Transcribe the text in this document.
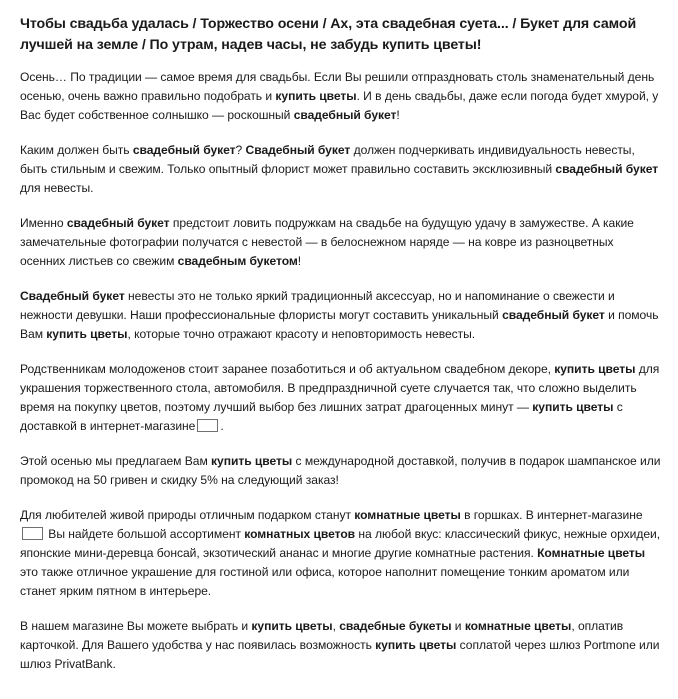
Чтобы свадьба удалась / Торжество осени / Ах, эта свадебная суета... / Букет для самой лучшей на земле / По утрам, надев часы, не забудь купить цветы!

Осень… По традиции — самое время для свадьбы. Если Вы решили отпраздновать столь знаменательный день осенью, очень важно правильно подобрать и купить цветы. И в день свадьбы, даже если погода будет хмурой, у Вас будет собственное солнышко — роскошный свадебный букет!

Каким должен быть свадебный букет? Свадебный букет должен подчеркивать индивидуальность невесты, быть стильным и свежим. Только опытный флорист может правильно составить эксклюзивный свадебный букет для невесты.

Именно свадебный букет предстоит ловить подружкам на свадьбе на будущую удачу в замужестве. А какие замечательные фотографии получатся с невестой — в белоснежном наряде — на ковре из разноцветных осенних листьев со свежим свадебным букетом!

Свадебный букет невесты это не только яркий традиционный аксессуар, но и напоминание о свежести и нежности девушки. Наши профессиональные флористы могут составить уникальный свадебный букет и помочь Вам купить цветы, которые точно отражают красоту и неповторимость невесты.

Родственникам молодоженов стоит заранее позаботиться и об актуальном свадебном декоре, купить цветы для украшения торжественного стола, автомобиля. В предпраздничной суете случается так, что сложно выделить время на покупку цветов, поэтому лучший выбор без лишних затрат драгоценных минут — купить цветы с доставкой в интернет-магазине .

Этой осенью мы предлагаем Вам купить цветы с международной доставкой, получив в подарок шампанское или промокод на 50 гривен и скидку 5% на следующий заказ!

Для любителей живой природы отличным подарком станут комнатные цветы в горшках. В интернет-магазине Вы найдете большой ассортимент комнатных цветов на любой вкус: классический фикус, нежные орхидеи, японские мини-деревца бонсай, экзотический ананас и многие другие комнатные растения. Комнатные цветы это также отличное украшение для гостиной или офиса, которое наполнит помещение тонким ароматом или станет ярким пятном в интерьере.

В нашем магазине Вы можете выбрать и купить цветы, свадебные букеты и комнатные цветы, оплатив карточкой. Для Вашего удобства у нас появилась возможность купить цветы соплатой через шлюз Portmone или шлюз PrivatBank.
